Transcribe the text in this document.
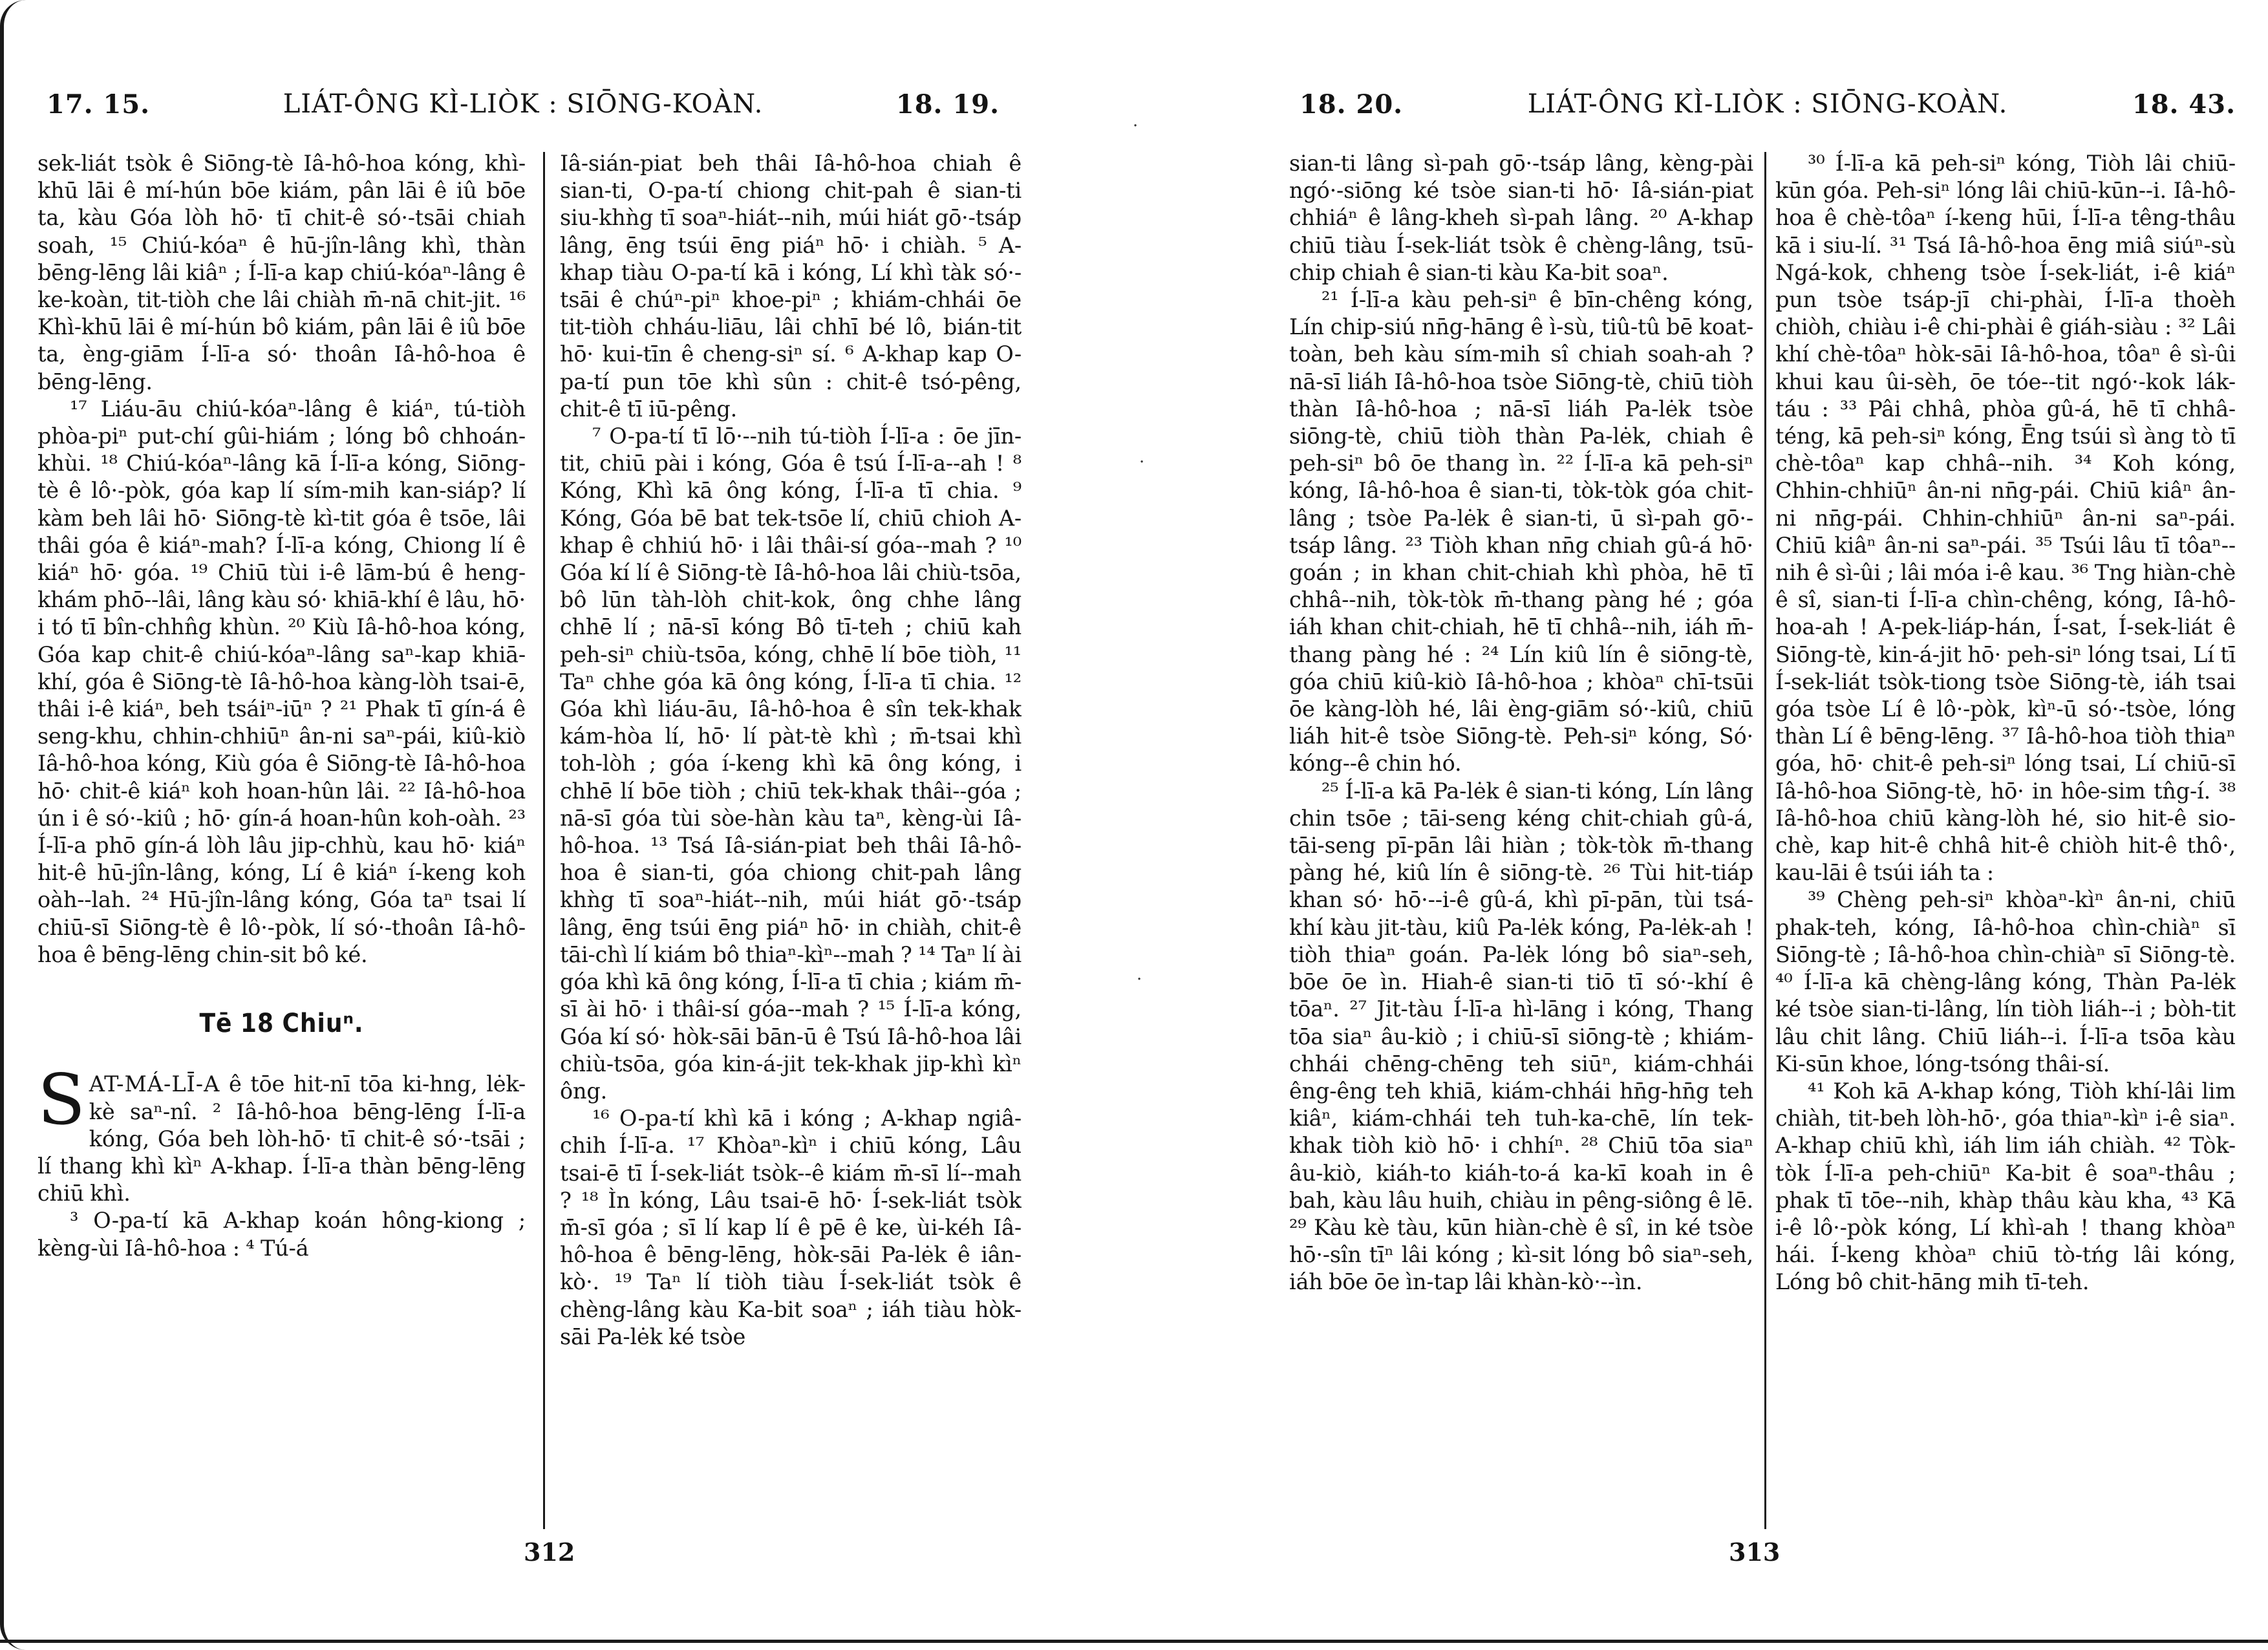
17. 15.	LIÁT-ÔNG KÌ-LIÒK : SIŌNG-KOÀN.	18. 19.

sek-liát tsòk ê Siōng-tè Iâ-hô-hoa kóng, khì-khū lāi ê mí-hún bōe kiám, pân lāi ê iû bōe ta, kàu Góa lòh hō· tī chit-ê só·-tsāi chiah soah, ¹⁵ Chiú-kóaⁿ ê hū-jîn-lâng khì, thàn bēng-lēng lâi kiâⁿ ; Í-lī-a kap chiú-kóaⁿ-lâng ê ke-koàn, tit-tiòh che lâi chiàh m̄-nā chit-jit. ¹⁶ Khì-khū lāi ê mí-hún bô kiám, pân lāi ê iû bōe ta, èng-giām Í-lī-a só· thoân Iâ-hô-hoa ê bēng-lēng.

¹⁷ Liáu-āu chiú-kóaⁿ-lâng ê kiáⁿ, tú-tiòh phòa-piⁿ put-chí gûi-hiám ; lóng bô chhoán-khùi. ¹⁸ Chiú-kóaⁿ-lâng kā Í-lī-a kóng, Siōng-tè ê lô·-pòk, góa kap lí sím-mih kan-siáp? lí kàm beh lâi hō· Siōng-tè kì-tit góa ê tsōe, lâi thâi góa ê kiáⁿ-mah? Í-lī-a kóng, Chiong lí ê kiáⁿ hō· góa. ¹⁹ Chiū tùi i-ê lām-bú ê heng-khám phō--lâi, lâng kàu só· khiā-khí ê lâu, hō· i tó tī bîn-chhn̂g khùn. ²⁰ Kiù Iâ-hô-hoa kóng, Góa kap chit-ê chiú-kóaⁿ-lâng saⁿ-kap khiā-khí, góa ê Siōng-tè Iâ-hô-hoa kàng-lòh tsai-ē, thâi i-ê kiáⁿ, beh tsáiⁿ-iūⁿ ? ²¹ Phak tī gín-á ê seng-khu, chhin-chhiūⁿ ân-ni saⁿ-pái, kiû-kiò Iâ-hô-hoa kóng, Kiù góa ê Siōng-tè Iâ-hô-hoa hō· chit-ê kiáⁿ koh hoan-hûn lâi. ²² Iâ-hô-hoa ún i ê só·-kiû ; hō· gín-á hoan-hûn koh-oàh. ²³ Í-lī-a phō gín-á lòh lâu jip-chhù, kau hō· kiáⁿ hit-ê hū-jîn-lâng, kóng, Lí ê kiáⁿ í-keng koh oàh--lah. ²⁴ Hū-jîn-lâng kóng, Góa taⁿ tsai lí chiū-sī Siōng-tè ê lô·-pòk, lí só·-thoân Iâ-hô-hoa ê bēng-lēng chin-sit bô ké.

Tē 18 Chiuⁿ.

SAT-MÁ-LĪ-A ê tōe hit-nī tōa ki-hng, lėk-kè saⁿ-nî. ² Iâ-hô-hoa bēng-lēng Í-lī-a kóng, Góa beh lòh-hō· tī chit-ê só·-tsāi ; lí thang khì kìⁿ A-khap. Í-lī-a thàn bēng-lēng chiū khì.

³ O-pa-tí kā A-khap koán hông-kiong ; kèng-ùi Iâ-hô-hoa : ⁴ Tú-á

Iâ-sián-piat beh thâi Iâ-hô-hoa chiah ê sian-ti, O-pa-tí chiong chit-pah ê sian-ti siu-khǹg tī soaⁿ-hiát--nih, múi hiát gō·-tsáp lâng, ēng tsúi ēng piáⁿ hō· i chiàh. ⁵ A-khap tiàu O-pa-tí kā i kóng, Lí khì tàk só·-tsāi ê chúⁿ-piⁿ khoe-piⁿ ; khiám-chhái ōe tit-tiòh chháu-liāu, lâi chhī bé lô, bián-tit hō· kui-tīn ê cheng-siⁿ sí. ⁶ A-khap kap O-pa-tí pun tōe khì sûn : chit-ê tsó-pêng, chit-ê tī iū-pêng.

⁷ O-pa-tí tī lō·--nih tú-tiòh Í-lī-a : ōe jīn-tit, chiū pài i kóng, Góa ê tsú Í-lī-a--ah ! ⁸ Kóng, Khì kā ông kóng, Í-lī-a tī chia. ⁹ Kóng, Góa bē bat tek-tsōe lí, chiū chioh A-khap ê chhiú hō· i lâi thâi-sí góa--mah ? ¹⁰ Góa kí lí ê Siōng-tè Iâ-hô-hoa lâi chiù-tsōa, bô lūn tàh-lòh chit-kok, ông chhe lâng chhē lí ; nā-sī kóng Bô tī-teh ; chiū kah peh-siⁿ chiù-tsōa, kóng, chhē lí bōe tiòh, ¹¹ Taⁿ chhe góa kā ông kóng, Í-lī-a tī chia. ¹² Góa khì liáu-āu, Iâ-hô-hoa ê sîn tek-khak kám-hòa lí, hō· lí pàt-tè khì ; m̄-tsai khì toh-lòh ; góa í-keng khì kā ông kóng, i chhē lí bōe tiòh ; chiū tek-khak thâi--góa ; nā-sī góa tùi sòe-hàn kàu taⁿ, kèng-ùi Iâ-hô-hoa. ¹³ Tsá Iâ-sián-piat beh thâi Iâ-hô-hoa ê sian-ti, góa chiong chit-pah lâng khǹg tī soaⁿ-hiát--nih, múi hiát gō·-tsáp lâng, ēng tsúi ēng piáⁿ hō· in chiàh, chit-ê tāi-chì lí kiám bô thiaⁿ-kìⁿ--mah ? ¹⁴ Taⁿ lí ài góa khì kā ông kóng, Í-lī-a tī chia ; kiám m̄-sī ài hō· i thâi-sí góa--mah ? ¹⁵ Í-lī-a kóng, Góa kí só· hòk-sāi bān-ū ê Tsú Iâ-hô-hoa lâi chiù-tsōa, góa kin-á-jit tek-khak jip-khì kìⁿ ông.

¹⁶ O-pa-tí khì kā i kóng ; A-khap ngiâ-chih Í-lī-a. ¹⁷ Khòaⁿ-kìⁿ i chiū kóng, Lâu tsai-ē tī Í-sek-liát tsòk--ê kiám m̄-sī lí--mah ? ¹⁸ Ìn kóng, Lâu tsai-ē hō· Í-sek-liát tsòk m̄-sī góa ; sī lí kap lí ê pē ê ke, ùi-kéh Iâ-hô-hoa ê bēng-lēng, hòk-sāi Pa-lėk ê iân-kò·. ¹⁹ Taⁿ lí tiòh tiàu Í-sek-liát tsòk ê chèng-lâng kàu Ka-bit soaⁿ ; iáh tiàu hòk-sāi Pa-lėk ké tsòe

312
·
·
·
18. 20.	LIÁT-ÔNG KÌ-LIÒK : SIŌNG-KOÀN.	18. 43.

sian-ti lâng sì-pah gō·-tsáp lâng, kèng-pài ngó·-siōng ké tsòe sian-ti hō· Iâ-sián-piat chhiáⁿ ê lâng-kheh sì-pah lâng. ²⁰ A-khap chiū tiàu Í-sek-liát tsòk ê chèng-lâng, tsū-chip chiah ê sian-ti kàu Ka-bit soaⁿ.

²¹ Í-lī-a kàu peh-siⁿ ê bīn-chêng kóng, Lín chip-siú nn̄g-hāng ê ì-sù, tiû-tû bē koat-toàn, beh kàu sím-mih sî chiah soah-ah ? nā-sī liáh Iâ-hô-hoa tsòe Siōng-tè, chiū tiòh thàn Iâ-hô-hoa ; nā-sī liáh Pa-lėk tsòe siōng-tè, chiū tiòh thàn Pa-lėk, chiah ê peh-siⁿ bô ōe thang ìn. ²² Í-lī-a kā peh-siⁿ kóng, Iâ-hô-hoa ê sian-ti, tòk-tòk góa chit-lâng ; tsòe Pa-lėk ê sian-ti, ū sì-pah gō·-tsáp lâng. ²³ Tiòh khan nn̄g chiah gû-á hō· goán ; in khan chit-chiah khì phòa, hē tī chhâ--nih, tòk-tòk m̄-thang pàng hé ; góa iáh khan chit-chiah, hē tī chhâ--nih, iáh m̄-thang pàng hé : ²⁴ Lín kiû lín ê siōng-tè, góa chiū kiû-kiò Iâ-hô-hoa ; khòaⁿ chī-tsūi ōe kàng-lòh hé, lâi èng-giām só·-kiû, chiū liáh hit-ê tsòe Siōng-tè. Peh-siⁿ kóng, Só· kóng--ê chin hó.

²⁵ Í-lī-a kā Pa-lėk ê sian-ti kóng, Lín lâng chin tsōe ; tāi-seng kéng chit-chiah gû-á, tāi-seng pī-pān lâi hiàn ; tòk-tòk m̄-thang pàng hé, kiû lín ê siōng-tè. ²⁶ Tùi hit-tiáp khan só· hō·--i-ê gû-á, khì pī-pān, tùi tsá-khí kàu jit-tàu, kiû Pa-lėk kóng, Pa-lėk-ah ! tiòh thiaⁿ goán. Pa-lėk lóng bô siaⁿ-seh, bōe ōe ìn. Hiah-ê sian-ti tiō tī só·-khí ê tōaⁿ. ²⁷ Jit-tàu Í-lī-a hì-lāng i kóng, Thang tōa siaⁿ âu-kiò ; i chiū-sī siōng-tè ; khiám-chhái chēng-chēng teh siūⁿ, kiám-chhái êng-êng teh khiā, kiám-chhái hn̄g-hn̄g teh kiâⁿ, kiám-chhái teh tuh-ka-chē, lín tek-khak tiòh kiò hō· i chhíⁿ. ²⁸ Chiū tōa siaⁿ âu-kiò, kiáh-to kiáh-to-á ka-kī koah in ê bah, kàu lâu huih, chiàu in pêng-siông ê lē. ²⁹ Kàu kè tàu, kūn hiàn-chè ê sî, in ké tsòe hō·-sîn tīⁿ lâi kóng ; kì-sit lóng bô siaⁿ-seh, iáh bōe ōe ìn-tap lâi khàn-kò·--ìn.

³⁰ Í-lī-a kā peh-siⁿ kóng, Tiòh lâi chiū-kūn góa. Peh-siⁿ lóng lâi chiū-kūn--i. Iâ-hô-hoa ê chè-tôaⁿ í-keng hūi, Í-lī-a têng-thâu kā i siu-lí. ³¹ Tsá Iâ-hô-hoa ēng miâ siúⁿ-sù Ngá-kok, chheng tsòe Í-sek-liát, i-ê kiáⁿ pun tsòe tsáp-jī chi-phài, Í-lī-a thoèh chiòh, chiàu i-ê chi-phài ê giáh-siàu : ³² Lâi khí chè-tôaⁿ hòk-sāi Iâ-hô-hoa, tôaⁿ ê sì-ûi khui kau ûi-sèh, ōe tóe--tit ngó·-kok lák-táu : ³³ Pâi chhâ, phòa gû-á, hē tī chhâ-téng, kā peh-siⁿ kóng, Ēng tsúi sì àng tò tī chè-tôaⁿ kap chhâ--nih. ³⁴ Koh kóng, Chhin-chhiūⁿ ân-ni nn̄g-pái. Chiū kiâⁿ ân-ni nn̄g-pái. Chhin-chhiūⁿ ân-ni saⁿ-pái. Chiū kiâⁿ ân-ni saⁿ-pái. ³⁵ Tsúi lâu tī tôaⁿ--nih ê sì-ûi ; lâi móa i-ê kau. ³⁶ Tng hiàn-chè ê sî, sian-ti Í-lī-a chìn-chêng, kóng, Iâ-hô-hoa-ah ! A-pek-liáp-hán, Í-sat, Í-sek-liát ê Siōng-tè, kin-á-jit hō· peh-siⁿ lóng tsai, Lí tī Í-sek-liát tsòk-tiong tsòe Siōng-tè, iáh tsai góa tsòe Lí ê lô·-pòk, kìⁿ-ū só·-tsòe, lóng thàn Lí ê bēng-lēng. ³⁷ Iâ-hô-hoa tiòh thiaⁿ góa, hō· chit-ê peh-siⁿ lóng tsai, Lí chiū-sī Iâ-hô-hoa Siōng-tè, hō· in hôe-sim tn̂g-í. ³⁸ Iâ-hô-hoa chiū kàng-lòh hé, sio hit-ê sio-chè, kap hit-ê chhâ hit-ê chiòh hit-ê thô·, kau-lāi ê tsúi iáh ta :

³⁹ Chèng peh-siⁿ khòaⁿ-kìⁿ ân-ni, chiū phak-teh, kóng, Iâ-hô-hoa chìn-chiàⁿ sī Siōng-tè ; Iâ-hô-hoa chìn-chiàⁿ sī Siōng-tè. ⁴⁰ Í-lī-a kā chèng-lâng kóng, Thàn Pa-lėk ké tsòe sian-ti-lâng, lín tiòh liáh--i ; bòh-tit lâu chit lâng. Chiū liáh--i. Í-lī-a tsōa kàu Ki-sūn khoe, lóng-tsóng thâi-sí.

⁴¹ Koh kā A-khap kóng, Tiòh khí-lâi lim chiàh, tit-beh lòh-hō·, góa thiaⁿ-kìⁿ i-ê siaⁿ. A-khap chiū khì, iáh lim iáh chiàh. ⁴² Tòk-tòk Í-lī-a peh-chiūⁿ Ka-bit ê soaⁿ-thâu ; phak tī tōe--nih, khàp thâu kàu kha, ⁴³ Kā i-ê lô·-pòk kóng, Lí khì-ah ! thang khòaⁿ hái. Í-keng khòaⁿ chiū tò-tńg lâi kóng, Lóng bô chit-hāng mih tī-teh.

313
